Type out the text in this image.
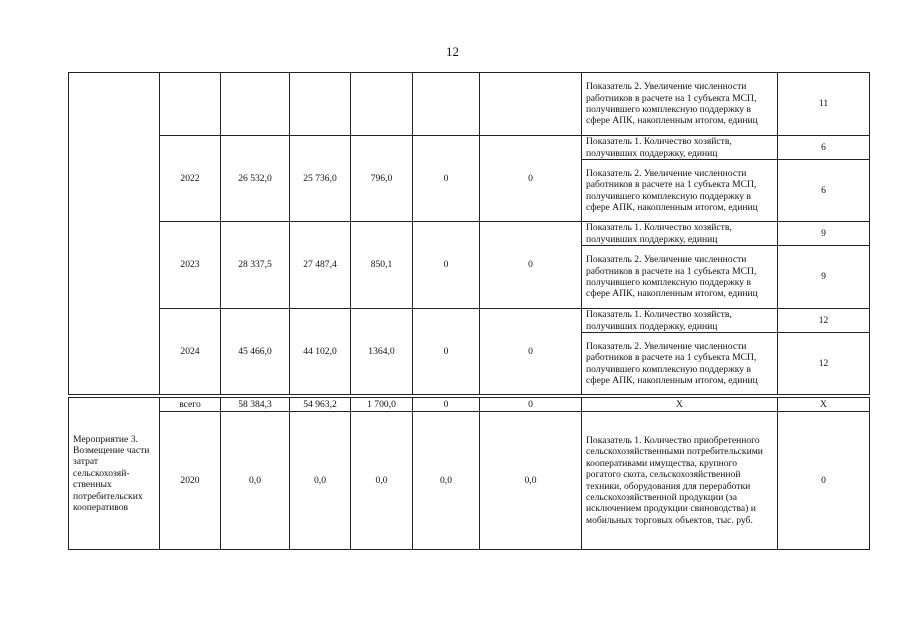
12
							Показатель 2. Увеличение численности работников в расчете на 1 субъекта МСП, получившего комплексную поддержку в сфере АПК, накопленным итогом, единиц	11
	2022	26 532,0	25 736,0	796,0	0	0	Показатель 1. Количество хозяйств, получивших поддержку, единиц	6
							Показатель 2. Увеличение численности работников в расчете на 1 субъекта МСП, получившего комплексную поддержку в сфере АПК, накопленным итогом, единиц	6
	2023	28 337,5	27 487,4	850,1	0	0	Показатель 1. Количество хозяйств, получивших поддержку, единиц	9
							Показатель 2. Увеличение численности работников в расчете на 1 субъекта МСП, получившего комплексную поддержку в сфере АПК, накопленным итогом, единиц	9
	2024	45 466,0	44 102,0	1364,0	0	0	Показатель 1. Количество хозяйств, получивших поддержку, единиц	12
							Показатель 2. Увеличение численности работников в расчете на 1 субъекта МСП, получившего комплексную поддержку в сфере АПК, накопленным итогом, единиц	12
Мероприятие 3. Возмещение части затрат сельскохозяй-ственных потребительских кооперативов	всего	58 384,3	54 963,2	1 700,0	0	0	Х	Х
	2020	0,0	0,0	0,0	0,0	0,0	Показатель 1. Количество приобретенного сельскохозяйственными потребительскими кооперативами имущества, крупного рогатого скота, сельскохозяйственной техники, оборудования для переработки сельскохозяйственной продукции (за исключением продукции свиноводства) и мобильных торговых объектов, тыс. руб.	0
